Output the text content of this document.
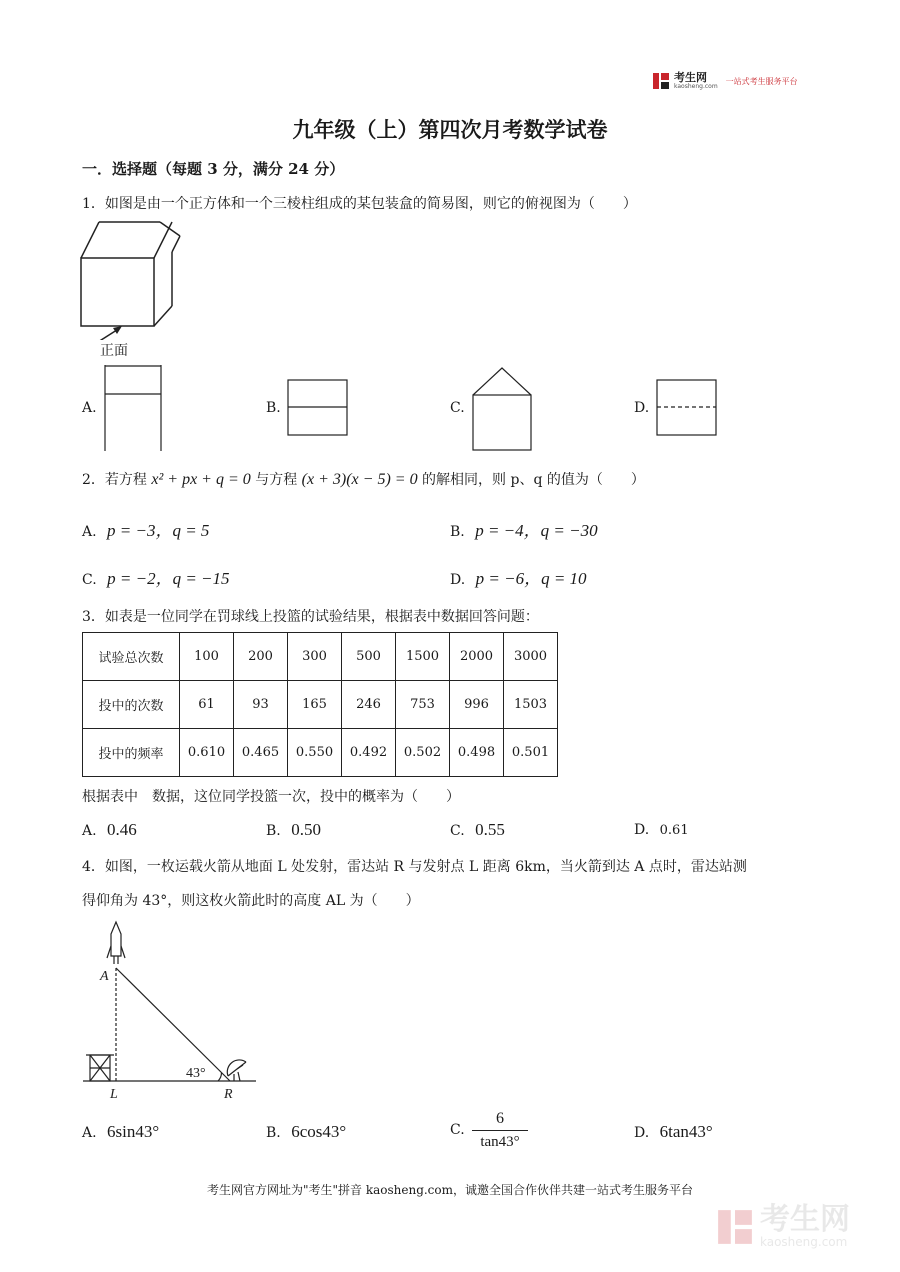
考生网
kaosheng.com
一站式考生服务平台
九年级（上）第四次月考数学试卷
一．选择题（每题 3 分，满分 24 分）
1．如图是由一个正方体和一个三棱柱组成的某包装盒的简易图，则它的俯视图为（　　）
正面
A.	B.	C.	D.
2．若方程 x² + px + q = 0 与方程 (x + 3)(x − 5) = 0 的解相同，则 p、q 的值为（　　）
A. p = −3，q = 5	B. p = −4，q = −30
C. p = −2，q = −15	D. p = −6，q = 10
3．如表是一位同学在罚球线上投篮的试验结果，根据表中数据回答问题：
试验总次数	100	200	300	500	1500	2000	3000
投中的次数	61	93	165	246	753	996	1503
投中的频率	0.610	0.465	0.550	0.492	0.502	0.498	0.501
根据表中　数据，这位同学投篮一次，投中的概率为（　　）
A. 0.46	B. 0.50	C. 0.55	D. 0.61
4．如图，一枚运载火箭从地面 L 处发射，雷达站 R 与发射点 L 距离 6km，当火箭到达 A 点时，雷达站测
得仰角为 43°，则这枚火箭此时的高度 AL 为（　　）
A
L	R
43°
A. 6sin43°	B. 6cos43°	C. $\frac{6}{\tan 43^\circ}$	D. 6tan43°
考生网官方网址为"考生"拼音 kaosheng.com，诚邀全国合作伙伴共建一站式考生服务平台
考生网
kaosheng.com
